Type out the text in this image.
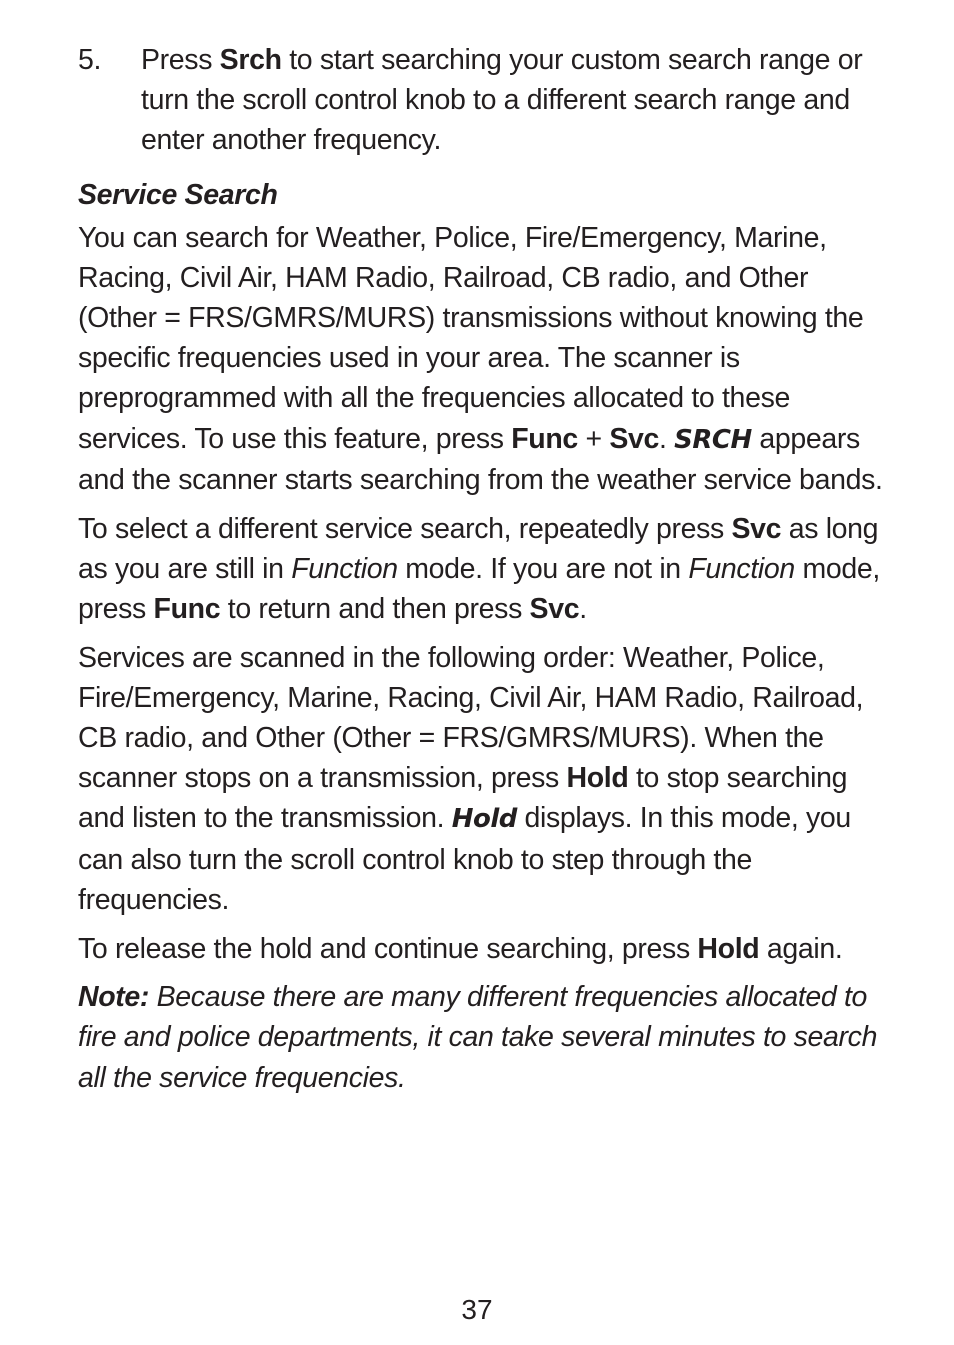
5. Press Srch to start searching your custom search range or turn the scroll control knob to a different search range and enter another frequency.

Service Search

You can search for Weather, Police, Fire/Emergency, Marine, Racing, Civil Air, HAM Radio, Railroad, CB radio, and Other (Other = FRS/GMRS/MURS) transmissions without knowing the specific frequencies used in your area. The scanner is preprogrammed with all the frequencies allocated to these services. To use this feature, press Func + Svc. SRCH appears and the scanner starts searching from the weather service bands.

To select a different service search, repeatedly press Svc as long as you are still in Function mode. If you are not in Function mode, press Func to return and then press Svc.

Services are scanned in the following order: Weather, Police, Fire/Emergency, Marine, Racing, Civil Air, HAM Radio, Railroad, CB radio, and Other (Other = FRS/GMRS/MURS). When the scanner stops on a transmission, press Hold to stop searching and listen to the transmission. Hold displays. In this mode, you can also turn the scroll control knob to step through the frequencies.

To release the hold and continue searching, press Hold again.

Note: Because there are many different frequencies allocated to fire and police departments, it can take several minutes to search all the service frequencies.

37
